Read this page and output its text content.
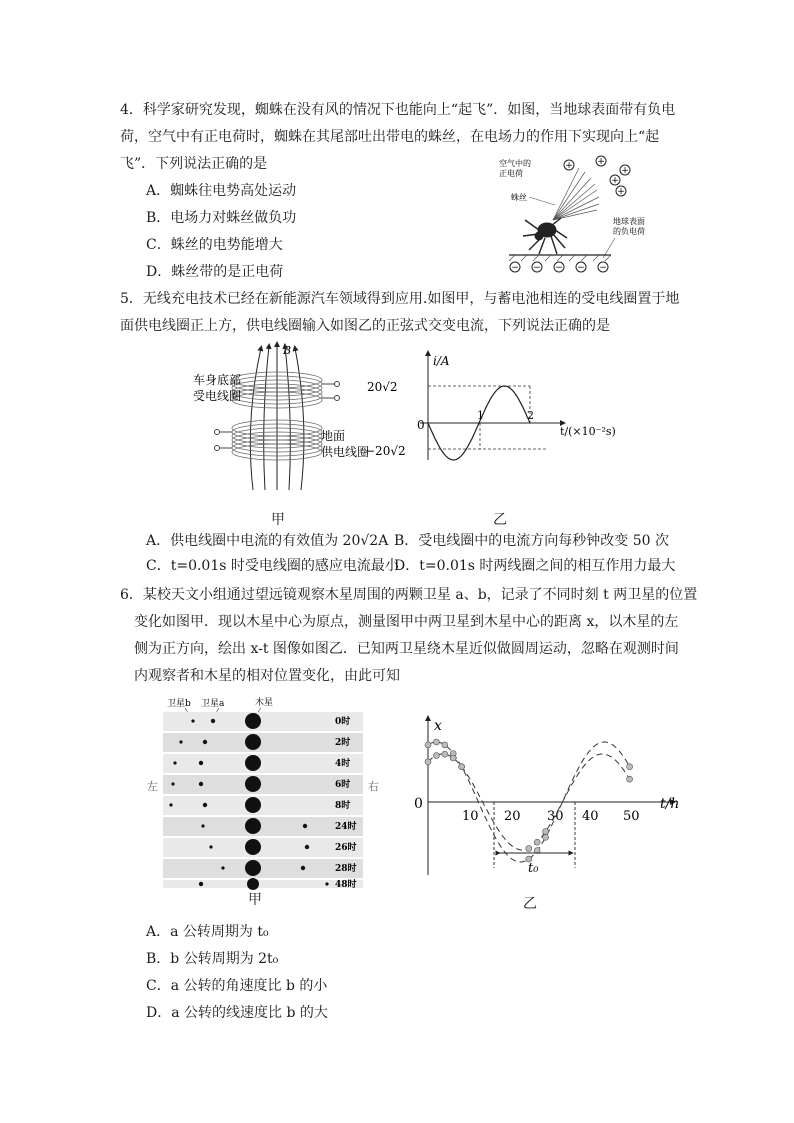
4．科学家研究发现，蜘蛛在没有风的情况下也能向上“起飞”．如图，当地球表面带有负电
荷，空气中有正电荷时，蜘蛛在其尾部吐出带电的蛛丝，在电场力的作用下实现向上“起
飞”．下列说法正确的是
A．蜘蛛往电势高处运动
B．电场力对蛛丝做负功
C．蛛丝的电势能增大
D．蛛丝带的是正电荷
空气中的
正电荷
+	+
+
+
+
蛛丝
地球表面
的负电荷
− − − − −
5．无线充电技术已经在新能源汽车领域得到应用.如图甲，与蓄电池相连的受电线圈置于地
面供电线圈正上方，供电线圈输入如图乙的正弦式交变电流，下列说法正确的是
B
车身底部
受电线圈
地面
供电线圈
甲
i/A
20√2
−20√2
0
1	2
t/(×10⁻²s)
乙
A．供电线圈中电流的有效值为 20√2A B．受电线圈中的电流方向每秒钟改变 50 次
C．t=0.01s 时受电线圈的感应电流最小
D．t=0.01s 时两线圈之间的相互作用力最大
6．某校天文小组通过望远镜观察木星周围的两颗卫星 a、b，记录了不同时刻 t 两卫星的位置
变化如图甲．现以木星中心为原点，测量图甲中两卫星到木星中心的距离 x，以木星的左
侧为正方向，绘出 x-t 图像如图乙．已知两卫星绕木星近似做圆周运动，忽略在观测时间
内观察者和木星的相对位置变化，由此可知
卫星b 卫星a	木星
0时
2时
4时
6时
8时
24时
26时
28时
48时
左	右
甲
x
t/h
0
10 20 30 40 50
t₀
乙
A．a 公转周期为 t₀
B．b 公转周期为 2t₀
C．a 公转的角速度比 b 的小
D．a 公转的线速度比 b 的大
